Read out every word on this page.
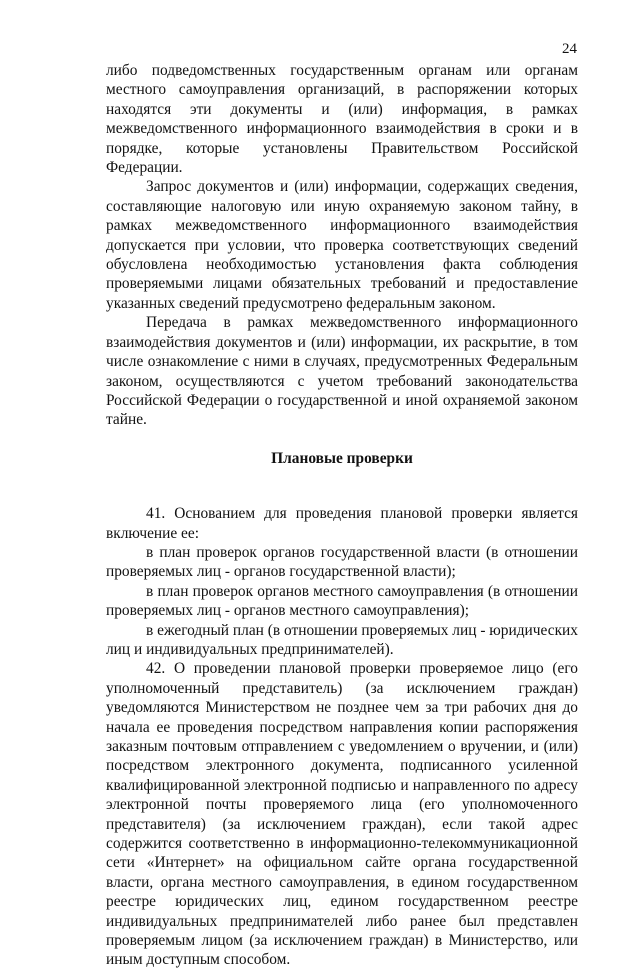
24

либо подведомственных государственным органам или органам местного самоуправления организаций, в распоряжении которых находятся эти документы и (или) информация, в рамках межведомственного информационного взаимодействия в сроки и в порядке, которые установлены Правительством Российской Федерации.

Запрос документов и (или) информации, содержащих сведения, составляющие налоговую или иную охраняемую законом тайну, в рамках межведомственного информационного взаимодействия допускается при условии, что проверка соответствующих сведений обусловлена необходимостью установления факта соблюдения проверяемыми лицами обязательных требований и предоставление указанных сведений предусмотрено федеральным законом.

Передача в рамках межведомственного информационного взаимодействия документов и (или) информации, их раскрытие, в том числе ознакомление с ними в случаях, предусмотренных Федеральным законом, осуществляются с учетом требований законодательства Российской Федерации о государственной и иной охраняемой законом тайне.

Плановые проверки

41. Основанием для проведения плановой проверки является включение ее:

в план проверок органов государственной власти (в отношении проверяемых лиц - органов государственной власти);

в план проверок органов местного самоуправления (в отношении проверяемых лиц - органов местного самоуправления);

в ежегодный план (в отношении проверяемых лиц - юридических лиц и индивидуальных предпринимателей).

42. О проведении плановой проверки проверяемое лицо (его уполномоченный представитель) (за исключением граждан) уведомляются Министерством не позднее чем за три рабочих дня до начала ее проведения посредством направления копии распоряжения заказным почтовым отправлением с уведомлением о вручении, и (или) посредством электронного документа, подписанного усиленной квалифицированной электронной подписью и направленного по адресу электронной почты проверяемого лица (его уполномоченного представителя) (за исключением граждан), если такой адрес содержится соответственно в информационно-телекоммуникационной сети «Интернет» на официальном сайте органа государственной власти, органа местного самоуправления, в едином государственном реестре юридических лиц, едином государственном реестре индивидуальных предпринимателей либо ранее был представлен проверяемым лицом (за исключением граждан) в Министерство, или иным доступным способом.
